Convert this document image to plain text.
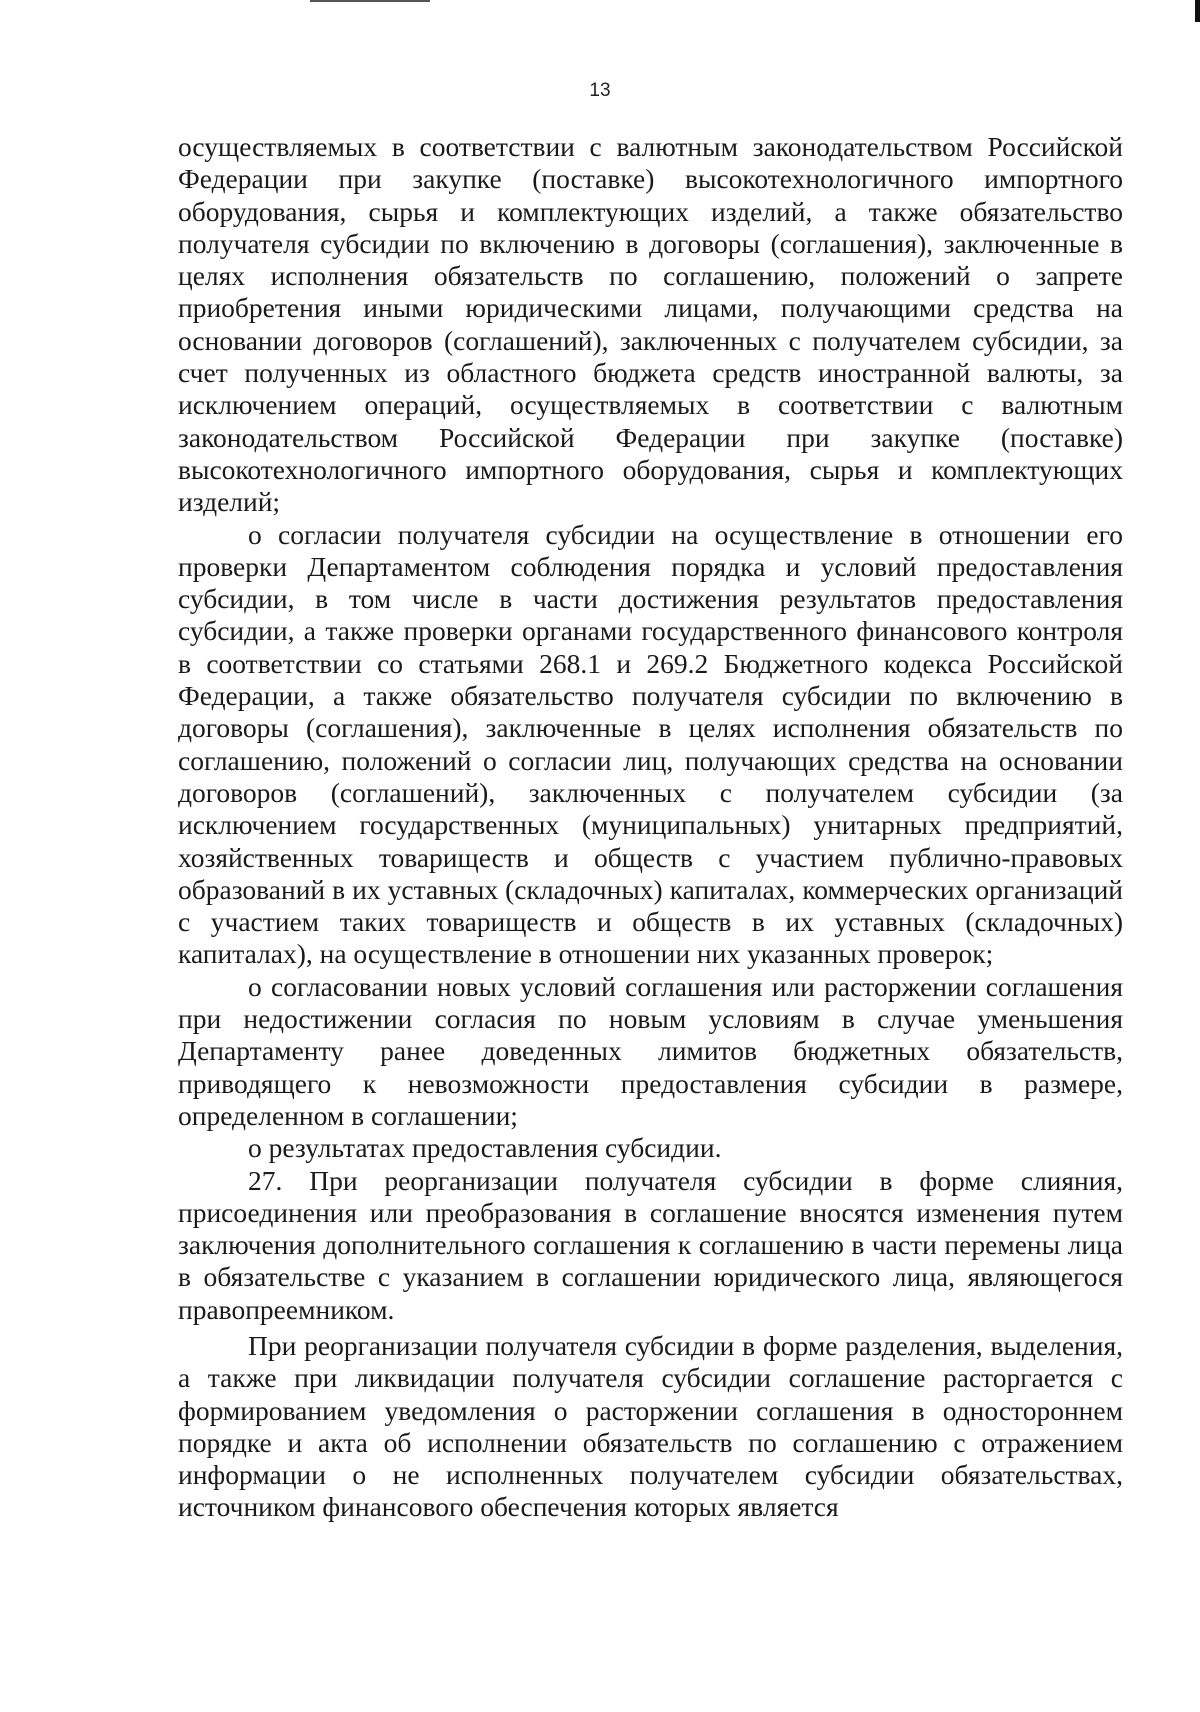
13

осуществляемых в соответствии с валютным законодательством Российской Федерации при закупке (поставке) высокотехнологичного импортного оборудования, сырья и комплектующих изделий, а также обязательство получателя субсидии по включению в договоры (соглашения), заключенные в целях исполнения обязательств по соглашению, положений о запрете приобретения иными юридическими лицами, получающими средства на основании договоров (соглашений), заключенных с получателем субсидии, за счет полученных из областного бюджета средств иностранной валюты, за исключением операций, осуществляемых в соответствии с валютным законодательством Российской Федерации при закупке (поставке) высокотехнологичного импортного оборудования, сырья и комплектующих изделий;

о согласии получателя субсидии на осуществление в отношении его проверки Департаментом соблюдения порядка и условий предоставления субсидии, в том числе в части достижения результатов предоставления субсидии, а также проверки органами государственного финансового контроля в соответствии со статьями 268.1 и 269.2 Бюджетного кодекса Российской Федерации, а также обязательство получателя субсидии по включению в договоры (соглашения), заключенные в целях исполнения обязательств по соглашению, положений о согласии лиц, получающих средства на основании договоров (соглашений), заключенных с получателем субсидии (за исключением государственных (муниципальных) унитарных предприятий, хозяйственных товариществ и обществ с участием публично-правовых образований в их уставных (складочных) капиталах, коммерческих организаций с участием таких товариществ и обществ в их уставных (складочных) капиталах), на осуществление в отношении них указанных проверок;

о согласовании новых условий соглашения или расторжении соглашения при недостижении согласия по новым условиям в случае уменьшения Департаменту ранее доведенных лимитов бюджетных обязательств, приводящего к невозможности предоставления субсидии в размере, определенном в соглашении;

о результатах предоставления субсидии.

27. При реорганизации получателя субсидии в форме слияния, присоединения или преобразования в соглашение вносятся изменения путем заключения дополнительного соглашения к соглашению в части перемены лица в обязательстве с указанием в соглашении юридического лица, являющегося правопреемником.

При реорганизации получателя субсидии в форме разделения, выделения, а также при ликвидации получателя субсидии соглашение расторгается с формированием уведомления о расторжении соглашения в одностороннем порядке и акта об исполнении обязательств по соглашению с отражением информации о не исполненных получателем субсидии обязательствах, источником финансового обеспечения которых является
